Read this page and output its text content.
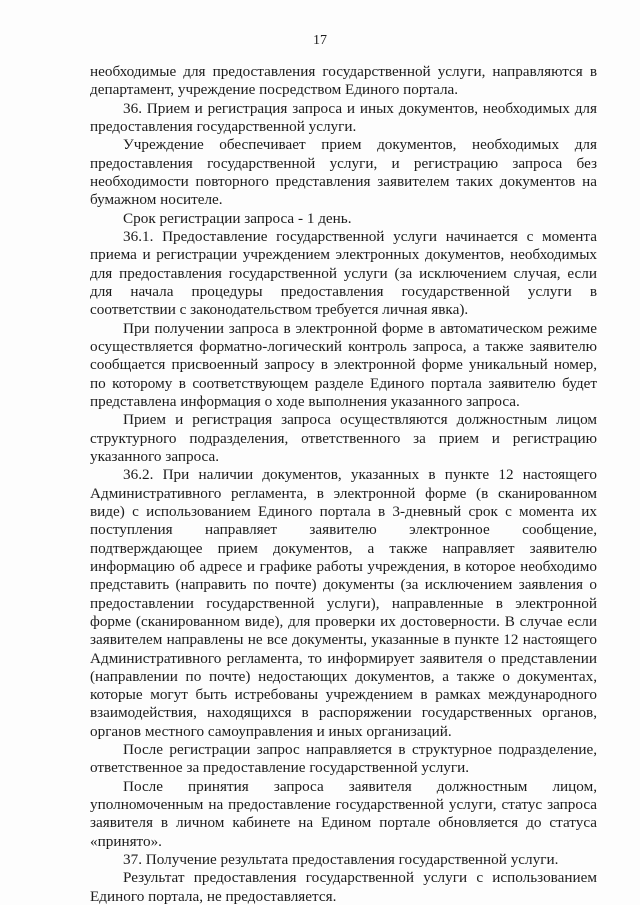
17
необходимые для предоставления государственной услуги, направляются в
департамент, учреждение посредством Единого портала.
36. Прием и регистрация запроса и иных документов, необходимых для
предоставления государственной услуги.
Учреждение обеспечивает прием документов, необходимых для
предоставления государственной услуги, и регистрацию запроса без
необходимости повторного представления заявителем таких документов на
бумажном носителе.
Срок регистрации запроса - 1 день.
36.1. Предоставление государственной услуги начинается с момента
приема и регистрации учреждением электронных документов, необходимых
для предоставления государственной услуги (за исключением случая, если
для начала процедуры предоставления государственной услуги в
соответствии с законодательством требуется личная явка).
При получении запроса в электронной форме в автоматическом режиме
осуществляется форматно-логический контроль запроса, а также заявителю
сообщается присвоенный запросу в электронной форме уникальный номер,
по которому в соответствующем разделе Единого портала заявителю будет
представлена информация о ходе выполнения указанного запроса.
Прием и регистрация запроса осуществляются должностным лицом
структурного подразделения, ответственного за прием и регистрацию
указанного запроса.
36.2. При наличии документов, указанных в пункте 12 настоящего
Административного регламента, в электронной форме (в сканированном
виде) с использованием Единого портала в 3-дневный срок с момента их
поступления направляет заявителю электронное сообщение,
подтверждающее прием документов, а также направляет заявителю
информацию об адресе и графике работы учреждения, в которое необходимо
представить (направить по почте) документы (за исключением заявления о
предоставлении государственной услуги), направленные в электронной
форме (сканированном виде), для проверки их достоверности. В случае если
заявителем направлены не все документы, указанные в пункте 12 настоящего
Административного регламента, то информирует заявителя о представлении
(направлении по почте) недостающих документов, а также о документах,
которые могут быть истребованы учреждением в рамках международного
взаимодействия, находящихся в распоряжении государственных органов,
органов местного самоуправления и иных организаций.
После регистрации запрос направляется в структурное подразделение,
ответственное за предоставление государственной услуги.
После принятия запроса заявителя должностным лицом,
уполномоченным на предоставление государственной услуги, статус запроса
заявителя в личном кабинете на Едином портале обновляется до статуса
«принято».
37. Получение результата предоставления государственной услуги.
Результат предоставления государственной услуги с использованием
Единого портала, не предоставляется.
